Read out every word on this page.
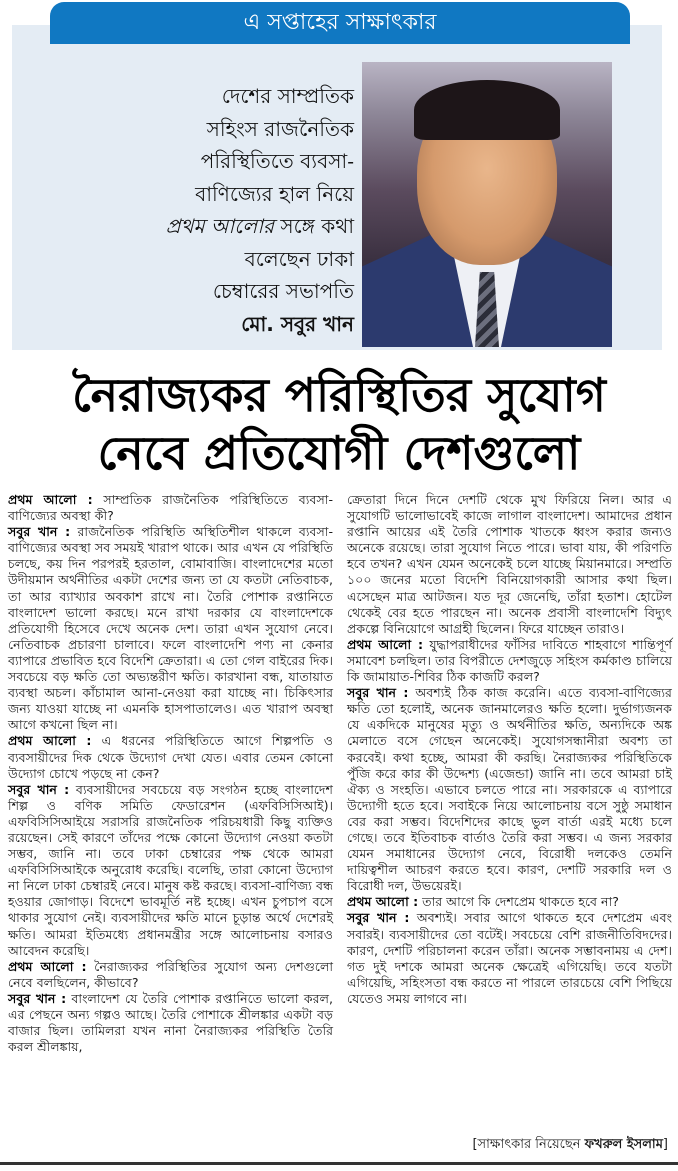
এ সপ্তাহের সাক্ষাৎকার
দেশের সাম্প্রতিক
সহিংস রাজনৈতিক
পরিস্থিতিতে ব্যবসা-
বাণিজ্যের হাল নিয়ে
প্রথম আলোর সঙ্গে কথা
বলেছেন ঢাকা
চেম্বারের সভাপতি
মো. সবুর খান
নৈরাজ্যকর পরিস্থিতির সুযোগ
নেবে প্রতিযোগী দেশগুলো

প্রথম আলো : সাম্প্রতিক রাজনৈতিক পরিস্থিতিতে ব্যবসা-বাণিজ্যের অবস্থা কী?

সবুর খান : রাজনৈতিক পরিস্থিতি অস্থিতিশীল থাকলে ব্যবসা-বাণিজ্যের অবস্থা সব সময়ই খারাপ থাকে। আর এখন যে পরিস্থিতি চলছে, কয় দিন পরপরই হরতাল, বোমাবাজি। বাংলাদেশের মতো উদীয়মান অর্থনীতির একটা দেশের জন্য তা যে কতটা নেতিবাচক, তা আর ব্যাখ্যার অবকাশ রাখে না। তৈরি পোশাক রপ্তানিতে বাংলাদেশ ভালো করছে। মনে রাখা দরকার যে বাংলাদেশকে প্রতিযোগী হিসেবে দেখে অনেক দেশ। তারা এখন সুযোগ নেবে। নেতিবাচক প্রচারণা চালাবে। ফলে বাংলাদেশি পণ্য না কেনার ব্যাপারে প্রভাবিত হবে বিদেশি ক্রেতারা। এ তো গেল বাইরের দিক। সবচেয়ে বড় ক্ষতি তো অভ্যন্তরীণ ক্ষতি। কারখানা বন্ধ, যাতায়াত ব্যবস্থা অচল। কাঁচামাল আনা-নেওয়া করা যাচ্ছে না। চিকিৎসার জন্য যাওয়া যাচ্ছে না এমনকি হাসপাতালেও। এত খারাপ অবস্থা আগে কখনো ছিল না।

প্রথম আলো : এ ধরনের পরিস্থিতিতে আগে শিল্পপতি ও ব্যবসায়ীদের দিক থেকে উদ্যোগ দেখা যেত। এবার তেমন কোনো উদ্যোগ চোখে পড়ছে না কেন?

সবুর খান : ব্যবসায়ীদের সবচেয়ে বড় সংগঠন হচ্ছে বাংলাদেশ শিল্প ও বণিক সমিতি ফেডারেশন (এফবিসিসিআই)। এফবিসিসিআইয়ে সরাসরি রাজনৈতিক পরিচয়ধারী কিছু ব্যক্তিও রয়েছেন। সেই কারণে তাঁদের পক্ষে কোনো উদ্যোগ নেওয়া কতটা সম্ভব, জানি না। তবে ঢাকা চেম্বারের পক্ষ থেকে আমরা এফবিসিসিআইকে অনুরোধ করেছি। বলেছি, তারা কোনো উদ্যোগ না নিলে ঢাকা চেম্বারই নেবে। মানুষ কষ্ট করছে। ব্যবসা-বাণিজ্য বন্ধ হওয়ার জোগাড়। বিদেশে ভাবমূর্তি নষ্ট হচ্ছে। এখন চুপচাপ বসে থাকার সুযোগ নেই। ব্যবসায়ীদের ক্ষতি মানে চূড়ান্ত অর্থে দেশেরই ক্ষতি। আমরা ইতিমধ্যে প্রধানমন্ত্রীর সঙ্গে আলোচনায় বসারও আবেদন করেছি।

প্রথম আলো : নৈরাজ্যকর পরিস্থিতির সুযোগ অন্য দেশগুলো নেবে বলছিলেন, কীভাবে?

সবুর খান : বাংলাদেশ যে তৈরি পোশাক রপ্তানিতে ভালো করল, এর পেছনে অন্য গল্পও আছে। তৈরি পোশাকে শ্রীলঙ্কার একটা বড় বাজার ছিল। তামিলরা যখন নানা নৈরাজ্যকর পরিস্থিতি তৈরি করল শ্রীলঙ্কায়,

ক্রেতারা দিনে দিনে দেশটি থেকে মুখ ফিরিয়ে নিল। আর এ সুযোগটি ভালোভাবেই কাজে লাগাল বাংলাদেশ। আমাদের প্রধান রপ্তানি আয়ের এই তৈরি পোশাক খাতকে ধ্বংস করার জন্যও অনেকে রয়েছে। তারা সুযোগ নিতে পারে। ভাবা যায়, কী পরিণতি হবে তখন? এখন যেমন অনেকেই চলে যাচ্ছে মিয়ানমারে। সম্প্রতি ১০০ জনের মতো বিদেশি বিনিয়োগকারী আসার কথা ছিল। এসেছেন মাত্র আটজন। যত দূর জেনেছি, তাঁরা হতাশ। হোটেল থেকেই বের হতে পারছেন না। অনেক প্রবাসী বাংলাদেশি বিদ্যুৎ প্রকল্পে বিনিয়োগে আগ্রহী ছিলেন। ফিরে যাচ্ছেন তারাও।

প্রথম আলো : যুদ্ধাপরাধীদের ফাঁসির দাবিতে শাহবাগে শান্তিপূর্ণ সমাবেশ চলছিল। তার বিপরীতে দেশজুড়ে সহিংস কর্মকাণ্ড চালিয়ে কি জামায়াত-শিবির ঠিক কাজটি করল?

সবুর খান : অবশ্যই ঠিক কাজ করেনি। এতে ব্যবসা-বাণিজ্যের ক্ষতি তো হলোই, অনেক জানমালেরও ক্ষতি হলো। দুর্ভাগ্যজনক যে একদিকে মানুষের মৃত্যু ও অর্থনীতির ক্ষতি, অন্যদিকে অঙ্ক মেলাতে বসে গেছেন অনেকেই। সুযোগসন্ধানীরা অবশ্য তা করবেই। কথা হচ্ছে, আমরা কী করছি। নৈরাজ্যকর পরিস্থিতিকে পুঁজি করে কার কী উদ্দেশ্য (এজেন্ডা) জানি না। তবে আমরা চাই ঐক্য ও সংহতি। এভাবে চলতে পারে না। সরকারকে এ ব্যাপারে উদ্যোগী হতে হবে। সবাইকে নিয়ে আলোচনায় বসে সুষ্ঠু সমাধান বের করা সম্ভব। বিদেশিদের কাছে ভুল বার্তা এরই মধ্যে চলে গেছে। তবে ইতিবাচক বার্তাও তৈরি করা সম্ভব। এ জন্য সরকার যেমন সমাধানের উদ্যোগ নেবে, বিরোধী দলকেও তেমনি দায়িত্বশীল আচরণ করতে হবে। কারণ, দেশটি সরকারি দল ও বিরোধী দল, উভয়েরই।

প্রথম আলো : তার আগে কি দেশপ্রেম থাকতে হবে না?

সবুর খান : অবশ্যই। সবার আগে থাকতে হবে দেশপ্রেম এবং সবারই। ব্যবসায়ীদের তো বটেই। সবচেয়ে বেশি রাজনীতিবিদদের। কারণ, দেশটি পরিচালনা করেন তাঁরা। অনেক সম্ভাবনাময় এ দেশ। গত দুই দশকে আমরা অনেক ক্ষেত্রেই এগিয়েছি। তবে যতটা এগিয়েছি, সহিংসতা বন্ধ করতে না পারলে তারচেয়ে বেশি পিছিয়ে যেতেও সময় লাগবে না।

[সাক্ষাৎকার নিয়েছেন ফখরুল ইসলাম]
